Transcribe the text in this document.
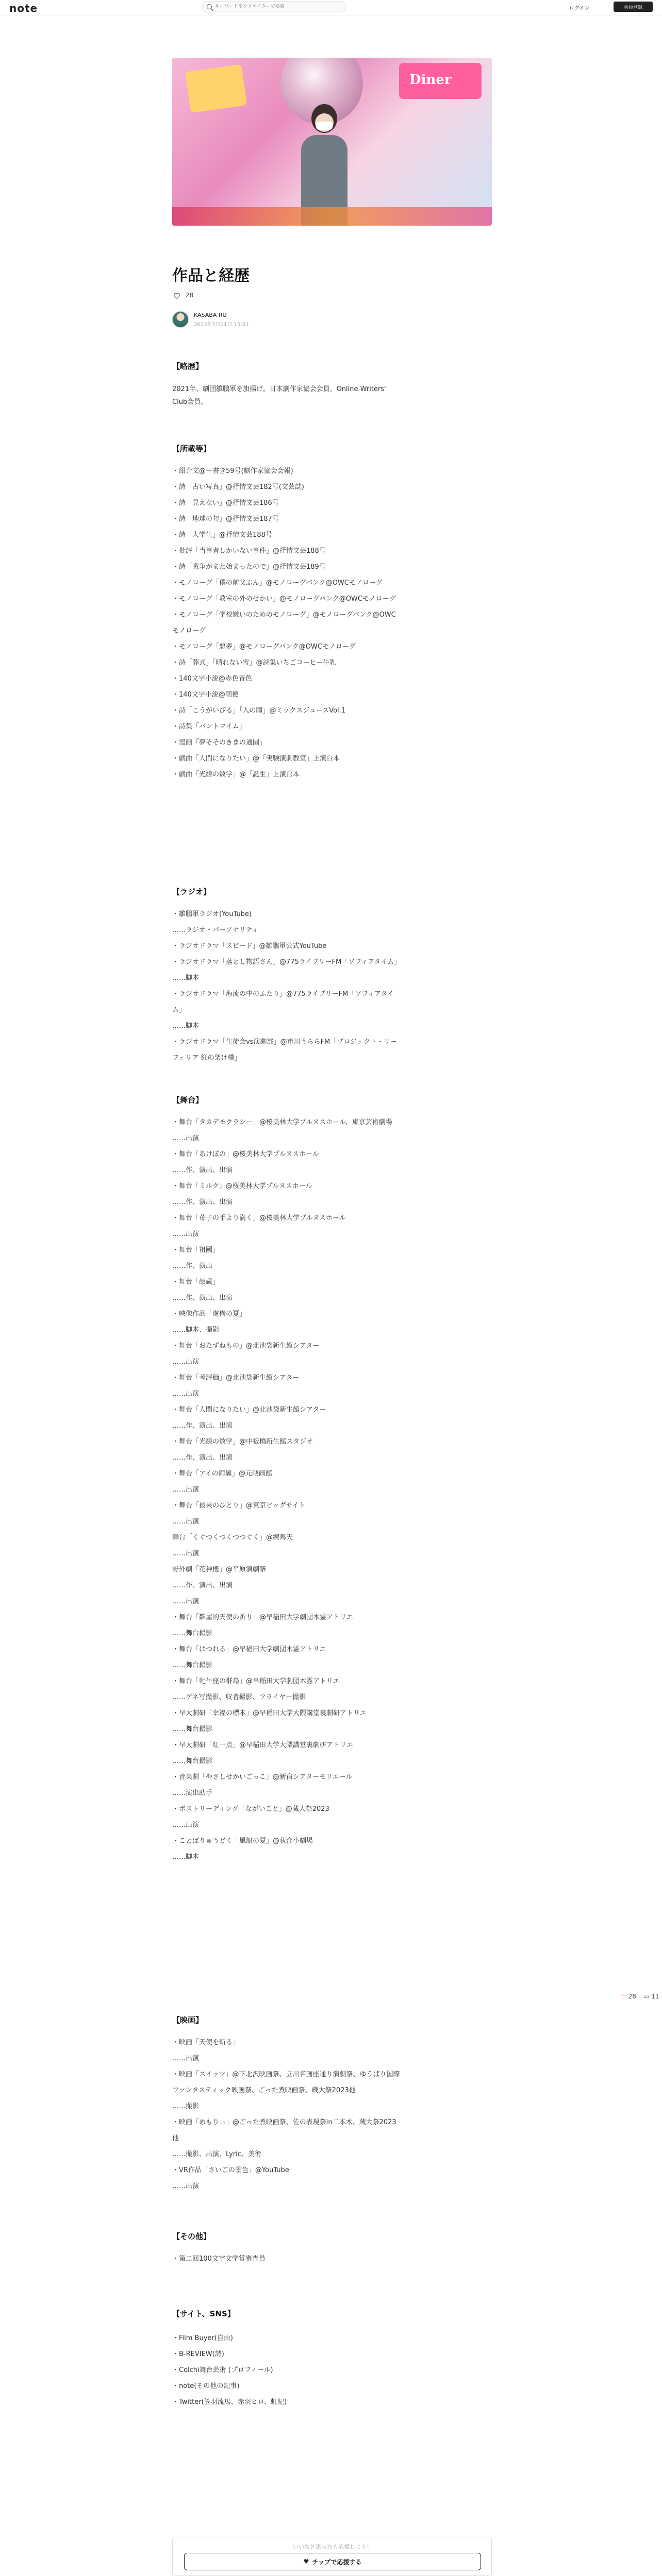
note
キーワードやクリエイターで検索	ログイン	会員登録
Diner
作品と経歴
28
KASABA RU
2023年7月21日 15:51
【略歴】
2021年、劇団雛鵬軍を旗揚げ。日本劇作家協会会員、Online Writers'
Club会員。
【所載等】
・紹介文@＋書き59号(劇作家協会会報)
・詩「古い写真」@抒情文芸182号(文芸誌)
・詩「見えない」@抒情文芸186号
・詩「地球の匂」@抒情文芸187号
・詩「大学生」@抒情文芸188号
・批評「当事者しかいない事件」@抒情文芸188号
・詩「戦争がまた始まったので」@抒情文芸189号
・モノローグ「僕の前父ぶん」@モノローグバンク@OWCモノローグ
・モノローグ「教室の外のせかい」@モノローグバンク@OWCモノローグ
・モノローグ「学校嫌いのためのモノローグ」@モノローグバンク@OWC
モノローグ
・モノローグ「悪夢」@モノローグバンク@OWCモノローグ
・詩「葬式」「晴れない雪」@詩集いちごコーヒー牛乳
・140文字小説@赤色青色
・140文字小説@朝便
・詩「こうがいびる」「人の瞳」@ミックスジュースVol.1
・詩集「バントマイム」
・漫画「夢そそのきまの通園」
・戯曲「人間になりたい」@「実験演劇教室」上演台本
・戯曲「光線の数学」@「誕生」上演台本
【ラジオ】
・雛鵬軍ラジオ(YouTube)
……ラジオ・パーソナリティ
・ラジオドラマ「スピード」@雛鵬軍公式YouTube
・ラジオドラマ「落とし物語さん」@775ライブリーFM「ソフィアタイム」
……脚本
・ラジオドラマ「海流の中のふたり」@775ライブリーFM「ソフィアタイ
ム」
……脚本
・ラジオドラマ「生徒会vs演劇部」@市川うららFM「プロジェクト・リー
フェリア 紅の架け橋」
【舞台】
・舞台「タカデモクラシー」@桜美林大学プルヌスホール、東京芸術劇場
……出演
・舞台「あけぼの」@桜美林大学プルヌスホール
……作、演出、出演
・舞台「ミルク」@桜美林大学プルヌスホール
……作、演出、出演
・舞台「苺子の手より満く」@桜美林大学プルヌスホール
……出演
・舞台「祖國」
……作、演出
・舞台「顔蔵」
……作、演出、出演
・映像作品「虚構の夏」
……脚本、撮影
・舞台「おたずねもの」@北池袋新生館シアター
……出演
・舞台「考評価」@北池袋新生館シアター
……出演
・舞台「人間になりたい」@北池袋新生館シアター
……作、演出、出演
・舞台「光線の数学」@中板橋新生館スタジオ
……作、演出、出演
・舞台「アイの両翼」@元映画館
……出演
・舞台「最果のひとり」@東京ビッグサイト
……出演
舞台「くぐつくつくつつぐく」@練馬天
……出演
野外劇「花神樓」@平原演劇祭
……作、演出、出演
……出演
・舞台「難屋的天使の祈り」@早稲田大学劇団木霊アトリエ
……舞台撮影
・舞台「はつれる」@早稲田大学劇団木霊アトリエ
……舞台撮影
・舞台「牝牛座の群島」@早稲田大学劇団木霊アトリエ
……ゲネ写撮影、収者撮影、フライヤー撮影
・早大劇研「幸福の標本」@早稲田大学大隈講堂裏劇研アトリエ
……舞台撮影
・早大劇研「紅一点」@早稲田大学大隈講堂裏劇研アトリエ
……舞台撮影
・音楽劇「やさしせかいごっこ」@新宿シアターモリエール
……演出助手
・ポストリーディング「ながいごと」@蔵大祭2023
……出演
・ことばりゅうどく「風船の夏」@荻窪小劇場
……脚本
【映画】
・映画「天使を斬る」
……出演
・映画「スイッツ」@下北沢映画祭、立川名画座通り演劇祭、ゆうばり国際
ファンタスティック映画祭、ごった煮映画祭、蔵大祭2023他
……撮影
・映画「めもりぃ」@ごった煮映画祭、佐の表現祭in二本木、蔵大祭2023
他
……撮影、出演、Lyric、美術
・VR作品「さいごの景色」@YouTube
……出演
【その他】
・第二回100文字文学賞審査員
【サイト、SNS】
・Film Buyer(自由)
・B-REVIEW(詩)
・Colchi舞台芸術 (プロフィール)
・note(その他の記事)
・Twitter(笠羽流馬、赤羽ヒロ、虹紀)
いいなと思ったら応援しよう！
♥ チップで応援する

♡
28 ▭ 11
